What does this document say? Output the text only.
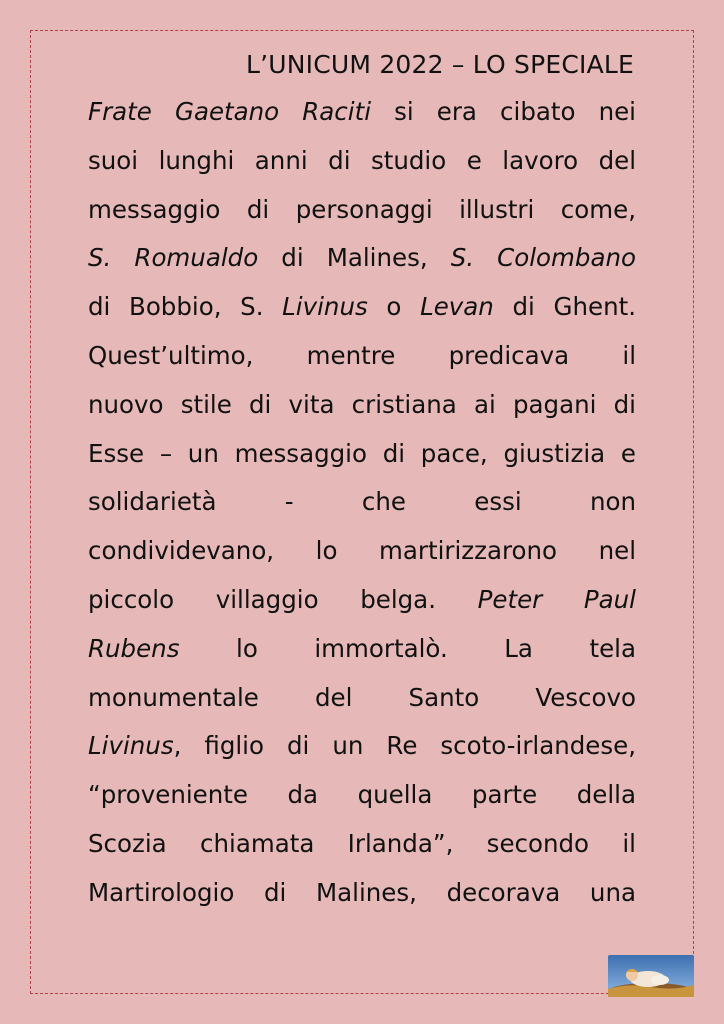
L’UNICUM 2022 – LO SPECIALE
Frate Gaetano Raciti si era cibato nei
suoi lunghi anni di studio e lavoro del
messaggio di personaggi illustri come,
S. Romualdo di Malines, S. Colombano
di Bobbio, S. Livinus o Levan di Ghent.
Quest’ultimo, mentre predicava il
nuovo stile di vita cristiana ai pagani di
Esse – un messaggio di pace, giustizia e
solidarietà - che essi non
condividevano, lo martirizzarono nel
piccolo villaggio belga. Peter Paul
Rubens lo immortalò. La tela
monumentale del Santo Vescovo
Livinus, figlio di un Re scoto-irlandese,
“proveniente da quella parte della
Scozia chiamata Irlanda”, secondo il
Martirologio di Malines, decorava una
